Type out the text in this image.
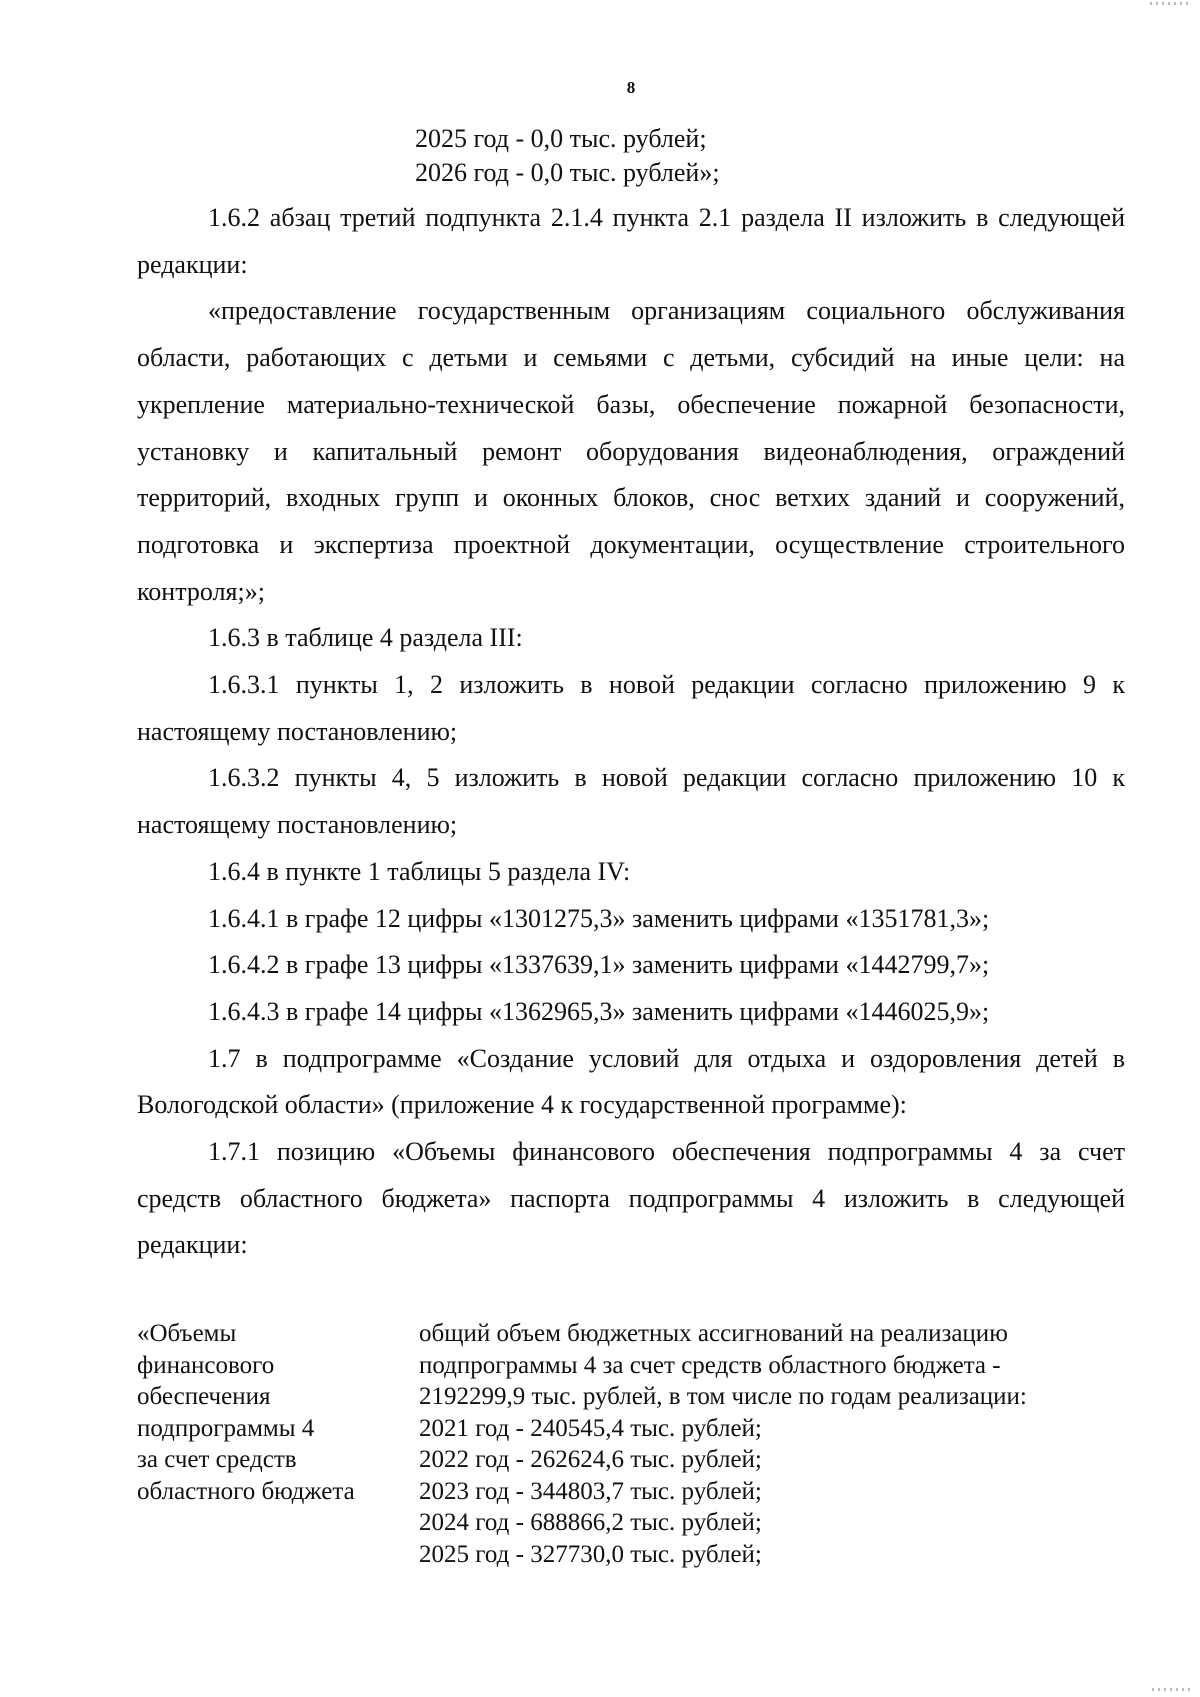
8
2025 год - 0,0 тыс. рублей;
2026 год - 0,0 тыс. рублей»;

1.6.2 абзац третий подпункта 2.1.4 пункта 2.1 раздела II изложить в следующей редакции:

«предоставление государственным организациям социального обслуживания области, работающих с детьми и семьями с детьми, субсидий на иные цели: на укрепление материально-технической базы, обеспечение пожарной безопасности, установку и капитальный ремонт оборудования видеонаблюдения, ограждений территорий, входных групп и оконных блоков, снос ветхих зданий и сооружений, подготовка и экспертиза проектной документации, осуществление строительного контроля;»;

1.6.3 в таблице 4 раздела III:

1.6.3.1 пункты 1, 2 изложить в новой редакции согласно приложению 9 к настоящему постановлению;

1.6.3.2 пункты 4, 5 изложить в новой редакции согласно приложению 10 к настоящему постановлению;

1.6.4 в пункте 1 таблицы 5 раздела IV:

1.6.4.1 в графе 12 цифры «1301275,3» заменить цифрами «1351781,3»;

1.6.4.2 в графе 13 цифры «1337639,1» заменить цифрами «1442799,7»;

1.6.4.3 в графе 14 цифры «1362965,3» заменить цифрами «1446025,9»;

1.7 в подпрограмме «Создание условий для отдыха и оздоровления детей в Вологодской области» (приложение 4 к государственной программе):

1.7.1 позицию «Объемы финансового обеспечения подпрограммы 4 за счет средств областного бюджета» паспорта подпрограммы 4 изложить в следующей редакции:

«Объемы
финансового
обеспечения
подпрограммы 4
за счет средств
областного бюджета
общий объем бюджетных ассигнований на реализацию
подпрограммы 4 за счет средств областного бюджета -
2192299,9 тыс. рублей, в том числе по годам реализации:
2021 год - 240545,4 тыс. рублей;
2022 год - 262624,6 тыс. рублей;
2023 год - 344803,7 тыс. рублей;
2024 год - 688866,2 тыс. рублей;
2025 год - 327730,0 тыс. рублей;
